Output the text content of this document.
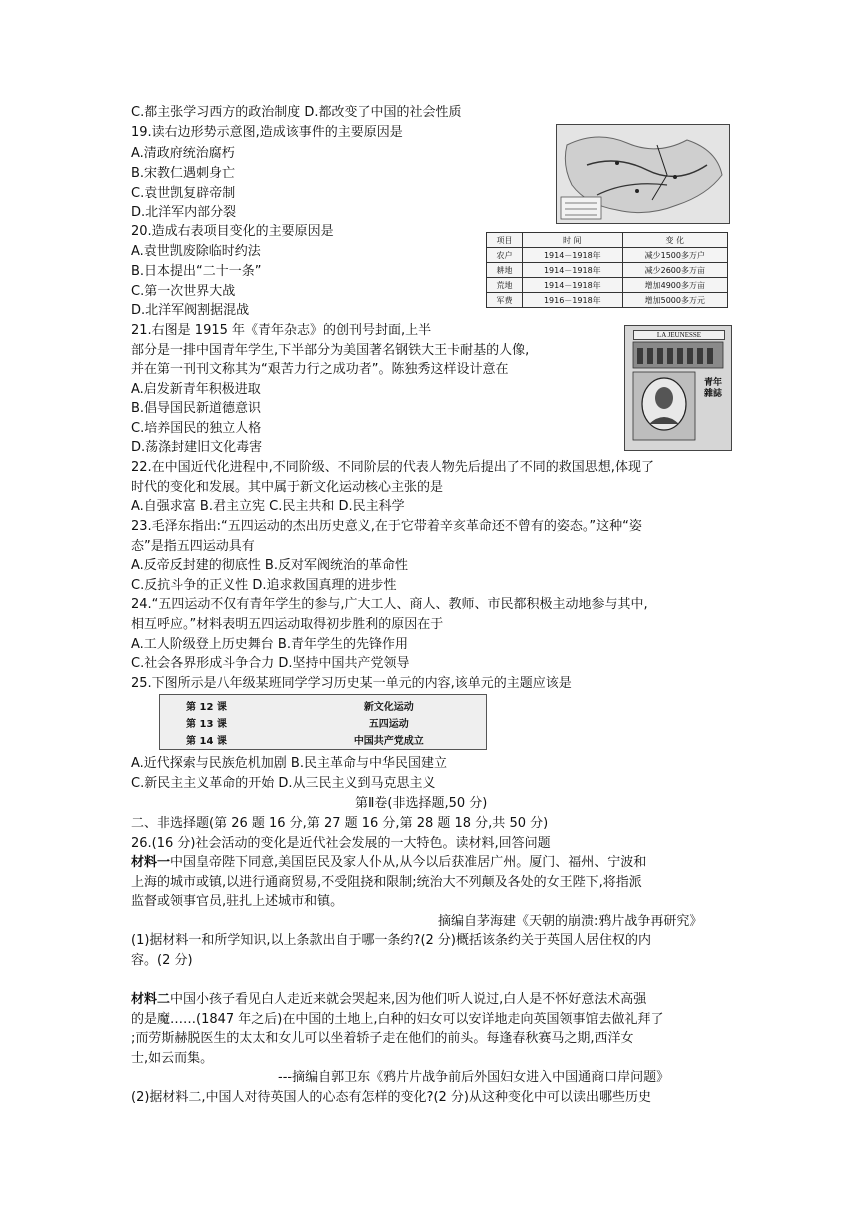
C.都主张学习西方的政治制度 D.都改变了中国的社会性质
19.读右边形势示意图,造成该事件的主要原因是
A.清政府统治腐朽
B.宋教仁遇刺身亡
C.袁世凯复辟帝制
D.北洋军内部分裂
20.造成右表项目变化的主要原因是
A.袁世凯废除临时约法
B.日本提出“二十一条”
C.第一次世界大战
D.北洋军阀割据混战
21.右图是 1915 年《青年杂志》的创刊号封面,上半
部分是一排中国青年学生,下半部分为美国著名钢铁大王卡耐基的人像,
并在第一刊刊文称其为“艰苦力行之成功者”。陈独秀这样设计意在
A.启发新青年积极进取
B.倡导国民新道德意识
C.培养国民的独立人格
D.荡涤封建旧文化毒害
22.在中国近代化进程中,不同阶级、不同阶层的代表人物先后提出了不同的救国思想,体现了
时代的变化和发展。其中属于新文化运动核心主张的是
A.自强求富 B.君主立宪 C.民主共和 D.民主科学
23.毛泽东指出:“五四运动的杰出历史意义,在于它带着辛亥革命还不曾有的姿态。”这种“姿
态”是指五四运动具有
A.反帝反封建的彻底性 B.反对军阀统治的革命性
C.反抗斗争的正义性 D.追求救国真理的进步性
24.“五四运动不仅有青年学生的参与,广大工人、商人、教师、市民都积极主动地参与其中,
相互呼应。”材料表明五四运动取得初步胜利的原因在于
A.工人阶级登上历史舞台 B.青年学生的先锋作用
C.社会各界形成斗争合力 D.坚持中国共产党领导
25.下图所示是八年级某班同学学习历史某一单元的内容,该单元的主题应该是
A.近代探索与民族危机加剧 B.民主革命与中华民国建立
C.新民主主义革命的开始 D.从三民主义到马克思主义
第Ⅱ卷(非选择题,50 分)
二、非选择题(第 26 题 16 分,第 27 题 16 分,第 28 题 18 分,共 50 分)
26.(16 分)社会活动的变化是近代社会发展的一大特色。读材料,回答问题
材料一中国皇帝陛下同意,美国臣民及家人仆从,从今以后获准居广州。厦门、福州、宁波和
上海的城市或镇,以进行通商贸易,不受阻挠和限制;统治大不列颠及各处的女王陛下,将指派
监督或领事官员,驻扎上述城市和镇。
摘编自茅海建《天朝的崩溃:鸦片战争再研究》
(1)据材料一和所学知识,以上条款出自于哪一条约?(2 分)概括该条约关于英国人居住权的内
容。(2 分)
材料二中国小孩子看见白人走近来就会哭起来,因为他们听人说过,白人是不怀好意法术高强
的是魔……(1847 年之后)在中国的土地上,白种的妇女可以安详地走向英国领事馆去做礼拜了
;而劳斯赫脱医生的太太和女儿可以坐着轿子走在他们的前头。每逢春秋赛马之期,西洋女
士,如云而集。
---摘编自郭卫东《鸦片片战争前后外国妇女进入中国通商口岸问题》
(2)据材料二,中国人对待英国人的心态有怎样的变化?(2 分)从这种变化中可以读出哪些历史
项目	时 间	变 化
农户	1914－1918年	减少1500多万户
耕地	1914－1918年	减少2600多万亩
荒地	1914－1918年	增加4900多万亩
军费	1916－1918年	增加5000多万元
LA JEUNESSE
青年雜誌
第 12 课	新文化运动
第 13 课	五四运动
第 14 课	中国共产党成立
